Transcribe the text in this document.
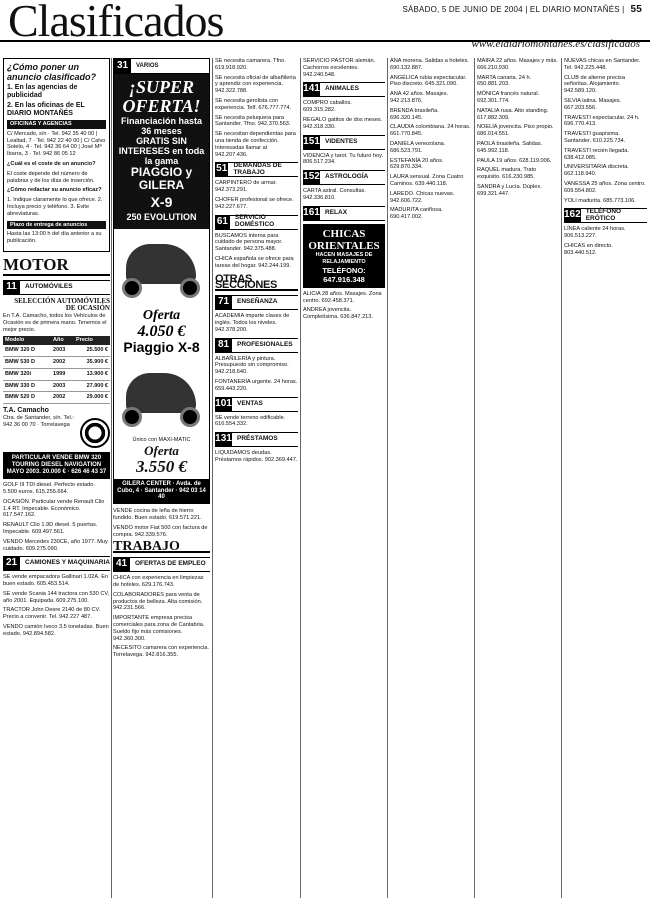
Clasificados	SÁBADO, 5 DE JUNIO DE 2004 | EL DIARIO MONTAÑÉS | 55
www.eldiariomontanes.es/clasificados
¿Cómo poner un anuncio clasificado?
1. En las agencias de publicidad
2. En las oficinas de EL DIARIO MONTAÑÉS
OFICINAS Y AGENCIAS

C/ Mercado, s/n · Tel. 942 35 40 00 | Lealtad, 7 · Tel. 942 22 40 00 | C/ Calvo Sotelo, 4 · Tel. 942 36 64 00 | José Mª Ibarra, 3 · Tel. 942 86 05 12

¿Cuál es el coste de un anuncio?

El coste depende del número de palabras y de los días de inserción.

¿Cómo redactar su anuncio eficaz?

1. Indique claramente lo que ofrece. 2. Incluya precio y teléfono. 3. Evite abreviaturas.

Plazo de entrega de anuncios

Hasta las 13:00 h del día anterior a su publicación.

MOTOR
11	AUTOMÓVILES
SELECCIÓN AUTOMÓVILES DE OCASIÓN

En T.A. Camacho, todos los Vehículos de Ocasión es de primera mano. Tenemos el mejor precio.

Modelo	Año	Precio
BMW 320 D	2003	25.500 €
BMW 530 D	2002	35.900 €
BMW 320i	1999	13.900 €
BMW 330 D	2003	27.900 €
BMW 520 D	2002	29.000 €
T.A. Camacho

Ctra. de Santander, s/n. Tel.: 942 36 00 70 · Torrelavega

PARTICULAR VENDE BMW 320 TOURING DIESEL NAVIGATION MAYO 2003. 20.000 € · 626 46 43 37

GOLF III TDI diesel. Perfecto estado. 5.500 euros. 615.255.664.

OCASIÓN. Particular vende Renault Clio 1.4 RT. Impecable. Económico. 617.547.162.

RENAULT Clio 1.9D diesel. 5 puertas. Impecable. 609.497.561.

VENDO Mercedes 230CE, año 1977. Muy cuidado. 609.275.090.

21	CAMIONES Y MAQUINARIA

SE vende empacadora Gallinari 1.02A. En buen estado. 605.453.514.

SE vende Scania 144 tractora con 530 CV, año 2001. Equipada. 609.275.100.

TRACTOR John Deere 2140 de 80 CV. Precio a convenir. Tel. 942 227 487.

VENDO camión Iveco 3.5 toneladas. Buen estado. 942.894.582.

31	VARIOS
¡SUPER OFERTA!
Financiación hasta 36 meses
GRATIS SIN INTERESES en toda la gama
PIAGGIO y GILERA
X-9
250 EVOLUTION
Oferta
4.050 €
Piaggio X-8
Único con MAXI-MATIC
Oferta
3.550 €
GILERA CENTER · Avda. de Cubo, 4 · Santander · 942 03 14 40

VENDE cocina de leña de hierro fundido. Buen estado. 619.571.221.

VENDO motor Fiat 500 con factura de compra. 942.339.576.

TRABAJO
41	OFERTAS DE EMPLEO

CHICA con experiencia en limpiezas de hoteles. 629.176.743.

COLABORADORES para venta de productos de belleza. Alta comisión. 942.231.566.

IMPORTANTE empresa precisa comerciales para zona de Cantabria. Sueldo fijo más comisiones. 942.360.300.

NECESITO camarera con experiencia. Torrelavega. 942.816.355.

SE necesita camarera. Tfno. 619.918.920.

SE necesita oficial de albañilería y aprendiz con experiencia. 942.322.788.

SE necesita gerolista con experiencia. Telf. 676.777.774.

SE necesita peluquera para Santander. Tfno. 942.370.563.

SE necesitan dependientas para una tienda de confección. Interesadas llamar al 942.207.436.

51 DEMANDAS DE TRABAJO

CARPINTERO de armar. 942.373.291.

CHOFER profesional se ofrece. 942.227.677.

61	SERVICIO DOMÉSTICO

BUSCAMOS interna para cuidado de persona mayor. Santander. 942.375.488.

CHICA española se ofrece para tareas del hogar. 942.244.199.

OTRAS SECCIONES
71	ENSEÑANZA

ACADEMIA imparte clases de inglés. Todos los niveles. 942.378.200.

81	PROFESIONALES

ALBAÑILERÍA y pintura. Presupuesto sin compromiso. 942.218.640.

FONTANERÍA urgente. 24 horas. 659.443.220.

101 VENTAS

SE vende terreno edificable. 616.554.332.

131 PRÉSTAMOS

LIQUIDAMOS deudas. Préstamos rápidos. 902.369.447.

SERVICIO PASTOR alemán. Cachorros excelentes. 942.240.548.

141 ANIMALES

COMPRO caballos. 609.315.282.

REGALO gatitos de dos meses. 942.318.330.

151 VIDENTES

VIDENCIA y tarot. Tu futuro hoy. 806.517.234.

152 ASTROLOGÍA

CARTA astral. Consultas. 942.336.810.

161 RELAX
CHICAS ORIENTALES
HACEN MASAJES DE RELAJAMIENTO
TELÉFONO: 647.916.348

ALICIA 28 años. Masajes. Zona centro. 692.458.371.

ANDREA jovencita. Completísima. 636.847.213.

ANA morena. Salidas a hoteles. 690.132.887.

ANGÉLICA rubia espectacular. Piso discreto. 645.321.090.

ANA 42 años. Masajes. 942.213.876.

BRENDA brasileña. 696.320.145.

CLAUDIA colombiana. 24 horas. 661.770.845.

DANIELA venezolana. 686.523.791.

ESTEFANÍA 20 años. 629.870.334.

LAURA sensual. Zona Cuatro Caminos. 639.440.118.

LAREDO. Chicas nuevas. 942.606.722.

MADURITA cariñosa. 690.417.002.

MAIRA 22 años. Masajes y más. 666.210.930.

MARTA canaria. 24 h. 650.881.203.

MÓNICA francés natural. 692.301.774.

NATALIA rusa. Alto standing. 617.882.309.

NOELIA jovencita. Piso propio. 686.014.551.

PAOLA brasileña. Salidas. 645.992.118.

PAULA 19 años. 628.119.006.

RAQUEL madura. Trato exquisito. 616.230.985.

SANDRA y Lucía. Dúplex. 699.321.447.

NUEVAS chicas en Santander. Tel. 942.225.448.

CLUB de alterne precisa señoritas. Alojamiento. 942.589.120.

SILVIA latina. Masajes. 667.203.556.

TRAVESTI espectacular. 24 h. 696.770.413.

TRAVESTI guapísima. Santander. 610.225.734.

TRAVESTI recién llegada. 638.412.085.

UNIVERSITARIA discreta. 662.118.940.

VANESSA 25 años. Zona centro. 609.554.802.

YOLI madurita. 685.773.106.

162 TELÉFONO ERÓTICO

LÍNEA caliente 24 horas. 906.513.227.

CHICAS en directo. 803.440.512.
